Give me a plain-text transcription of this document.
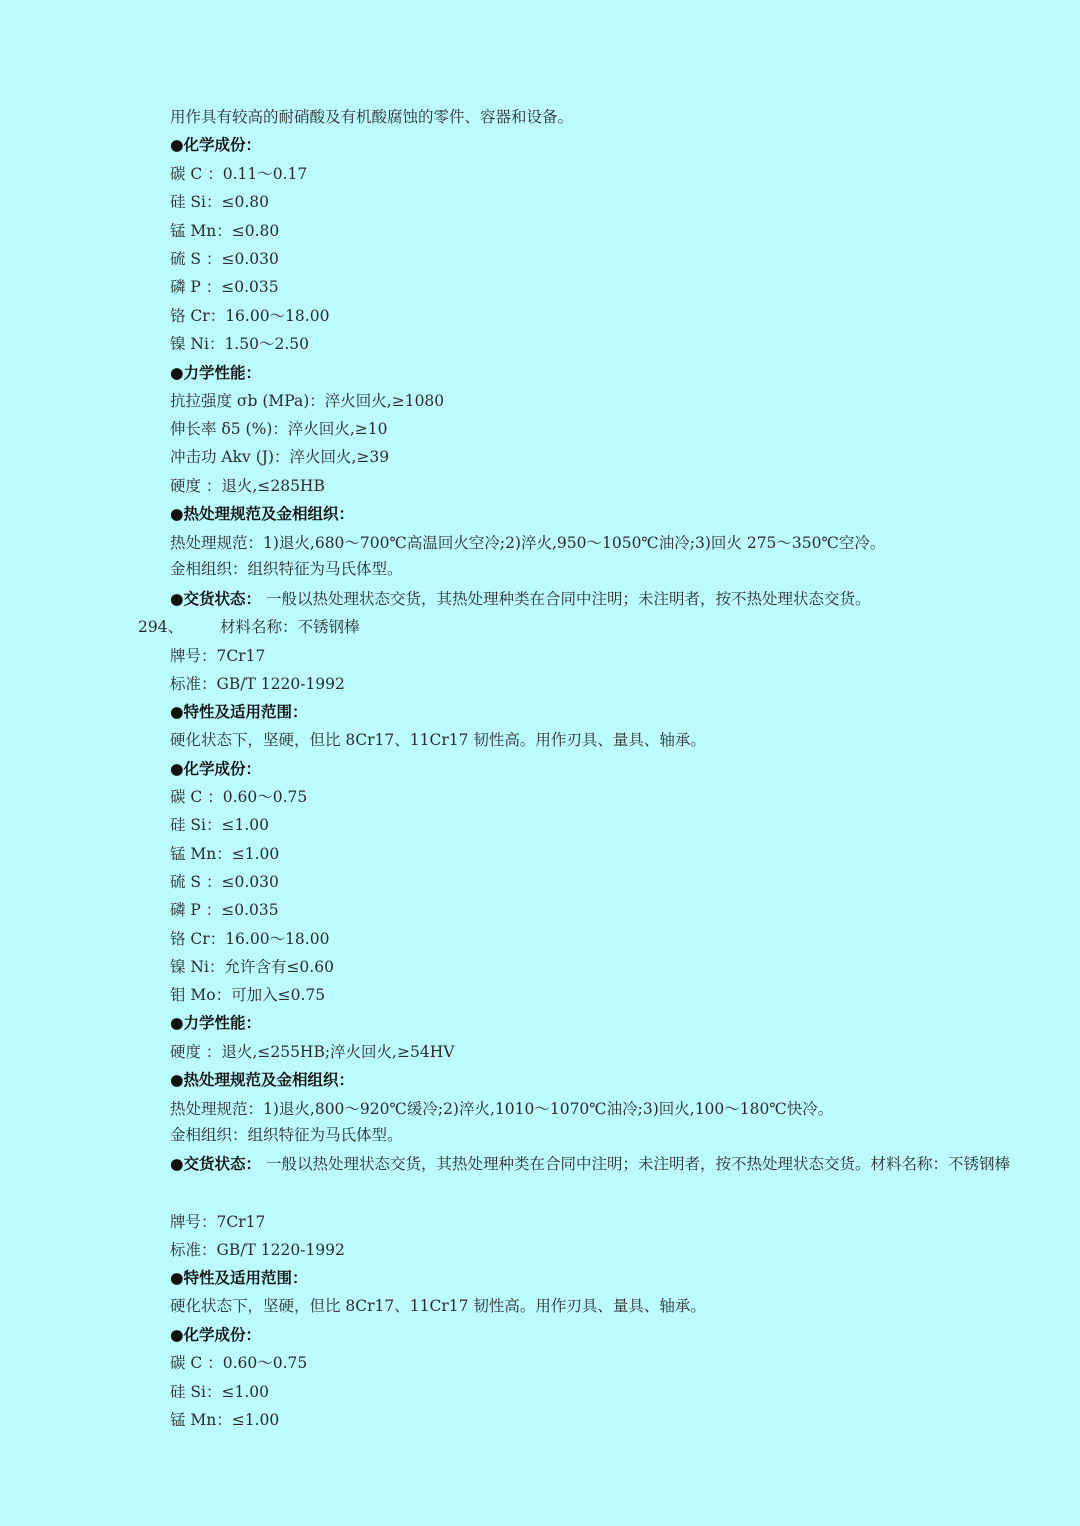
用作具有较高的耐硝酸及有机酸腐蚀的零件、容器和设备。
●化学成份：
碳 C ：0.11～0.17
硅 Si：≤0.80
锰 Mn：≤0.80
硫 S ：≤0.030
磷 P ：≤0.035
铬 Cr：16.00～18.00
镍 Ni：1.50～2.50
●力学性能：
抗拉强度 σb (MPa)：淬火回火,≥1080
伸长率 δ5 (%)：淬火回火,≥10
冲击功 Akv (J)：淬火回火,≥39
硬度 ：退火,≤285HB
●热处理规范及金相组织：
热处理规范：1)退火,680～700℃高温回火空冷;2)淬火,950～1050℃油冷;3)回火 275～350℃空冷。
金相组织：组织特征为马氏体型。
●交货状态： 一般以热处理状态交货，其热处理种类在合同中注明；未注明者，按不热处理状态交货。
294、 材料名称：不锈钢棒
牌号：7Cr17
标准：GB/T 1220-1992
●特性及适用范围：
硬化状态下，坚硬，但比 8Cr17、11Cr17 韧性高。用作刃具、量具、轴承。
●化学成份：
碳 C ：0.60～0.75
硅 Si：≤1.00
锰 Mn：≤1.00
硫 S ：≤0.030
磷 P ：≤0.035
铬 Cr：16.00～18.00
镍 Ni：允许含有≤0.60
钼 Mo：可加入≤0.75
●力学性能：
硬度 ：退火,≤255HB;淬火回火,≥54HV
●热处理规范及金相组织：
热处理规范：1)退火,800～920℃缓冷;2)淬火,1010～1070℃油冷;3)回火,100～180℃快冷。
金相组织：组织特征为马氏体型。
●交货状态： 一般以热处理状态交货，其热处理种类在合同中注明；未注明者，按不热处理状态交货。材料名称：不锈钢棒
牌号：7Cr17
标准：GB/T 1220-1992
●特性及适用范围：
硬化状态下，坚硬，但比 8Cr17、11Cr17 韧性高。用作刃具、量具、轴承。
●化学成份：
碳 C ：0.60～0.75
硅 Si：≤1.00
锰 Mn：≤1.00
